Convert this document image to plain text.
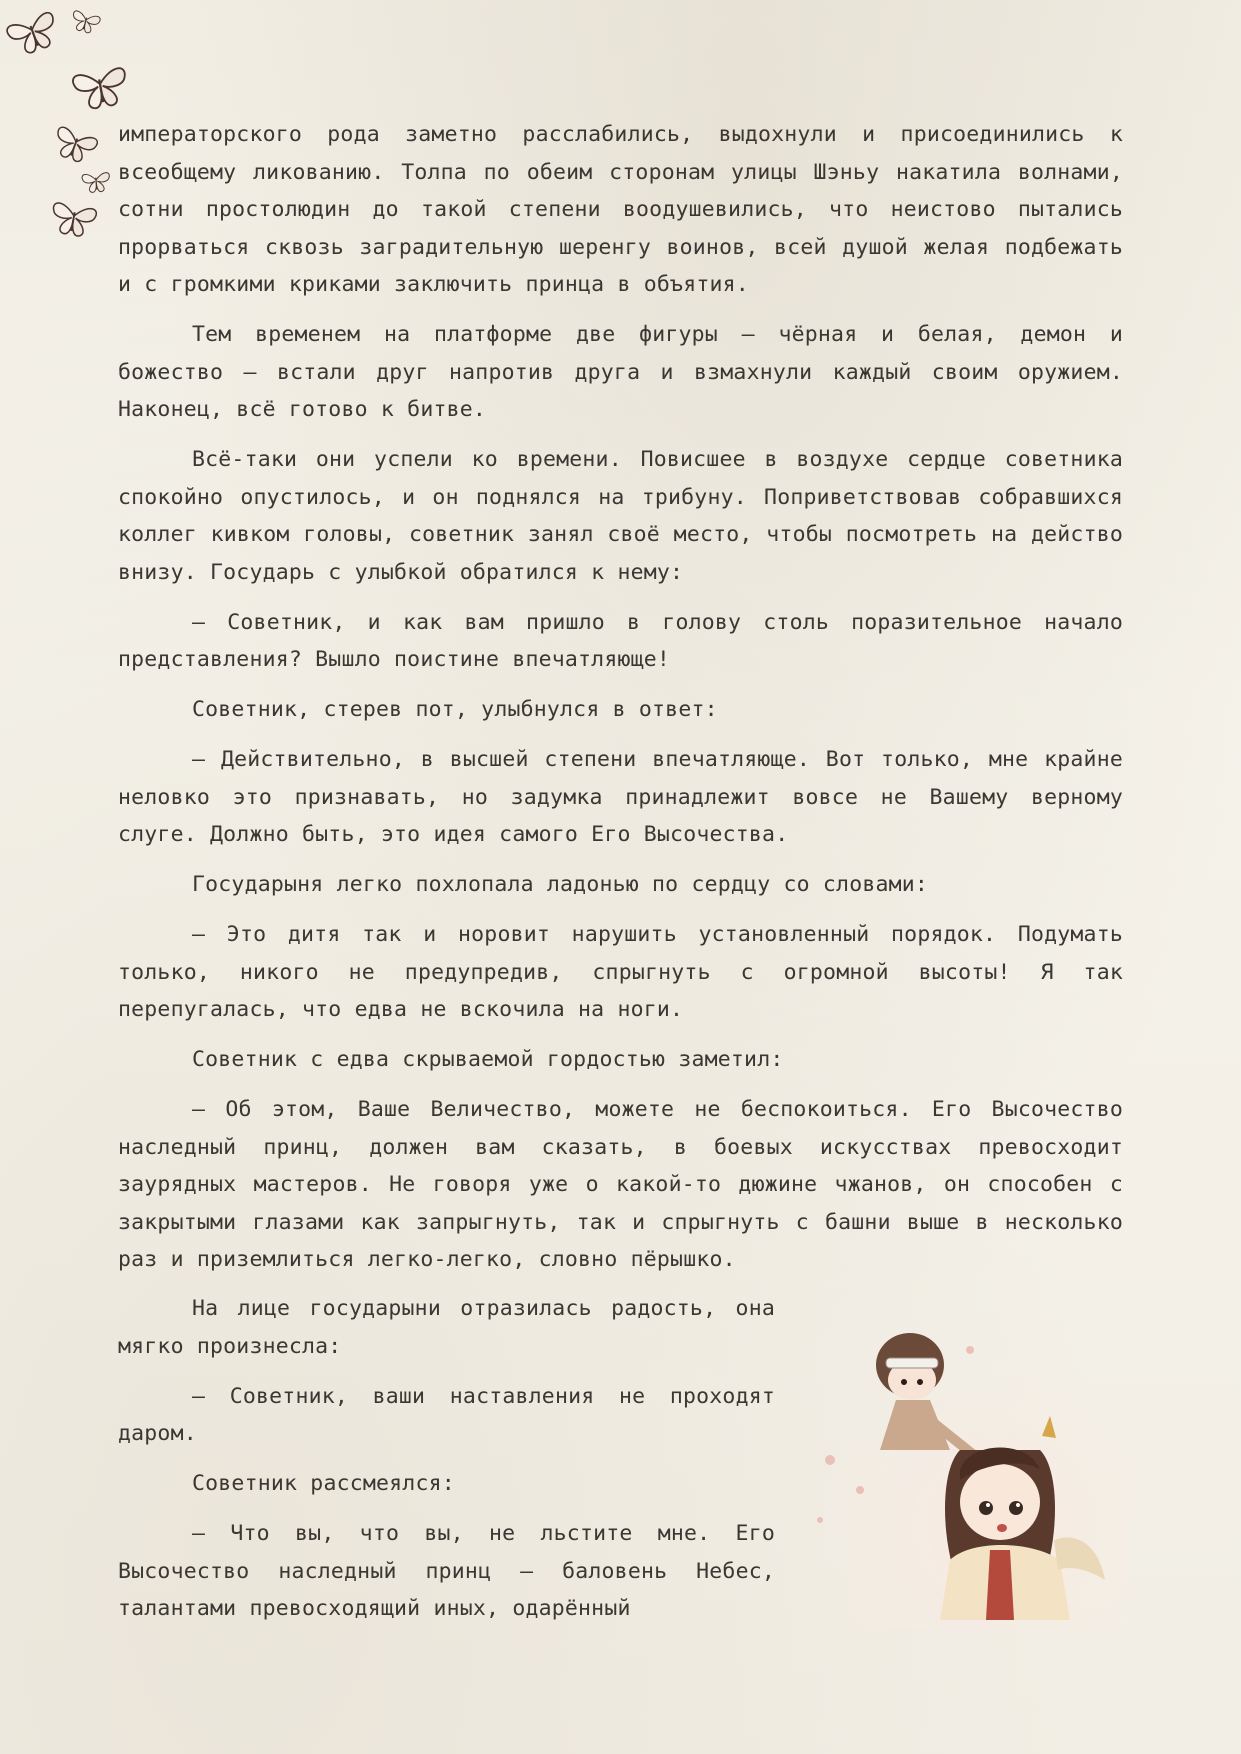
императорского рода заметно расслабились, выдохнули и присоединились к всеобщему ликованию. Толпа по обеим сторонам улицы Шэньу накатила волнами, сотни простолюдин до такой степени воодушевились, что неистово пытались прорваться сквозь заградительную шеренгу воинов, всей душой желая подбежать и с громкими криками заключить принца в объятия.

Тем временем на платформе две фигуры — чёрная и белая, демон и божество — встали друг напротив друга и взмахнули каждый своим оружием. Наконец, всё готово к битве.

Всё-таки они успели ко времени. Повисшее в воздухе сердце советника спокойно опустилось, и он поднялся на трибуну. Поприветствовав собравшихся коллег кивком головы, советник занял своё место, чтобы посмотреть на действо внизу. Государь с улыбкой обратился к нему:

— Советник, и как вам пришло в голову столь поразительное начало представления? Вышло поистине впечатляюще!

Советник, стерев пот, улыбнулся в ответ:

— Действительно, в высшей степени впечатляюще. Вот только, мне крайне неловко это признавать, но задумка принадлежит вовсе не Вашему верному слуге. Должно быть, это идея самого Его Высочества.

Государыня легко похлопала ладонью по сердцу со словами:

— Это дитя так и норовит нарушить установленный порядок. Подумать только, никого не предупредив, спрыгнуть с огромной высоты! Я так перепугалась, что едва не вскочила на ноги.

Советник с едва скрываемой гордостью заметил:

— Об этом, Ваше Величество, можете не беспокоиться. Его Высочество наследный принц, должен вам сказать, в боевых искусствах превосходит заурядных мастеров. Не говоря уже о какой-то дюжине чжанов, он способен с закрытыми глазами как запрыгнуть, так и спрыгнуть с башни выше в несколько раз и приземлиться легко-легко, словно пёрышко.

На лице государыни отразилась радость, она мягко произнесла:

— Советник, ваши наставления не проходят даром.

Советник рассмеялся:

— Что вы, что вы, не льстите мне. Его Высочество наследный принц — баловень Небес, талантами превосходящий иных, одарённый
